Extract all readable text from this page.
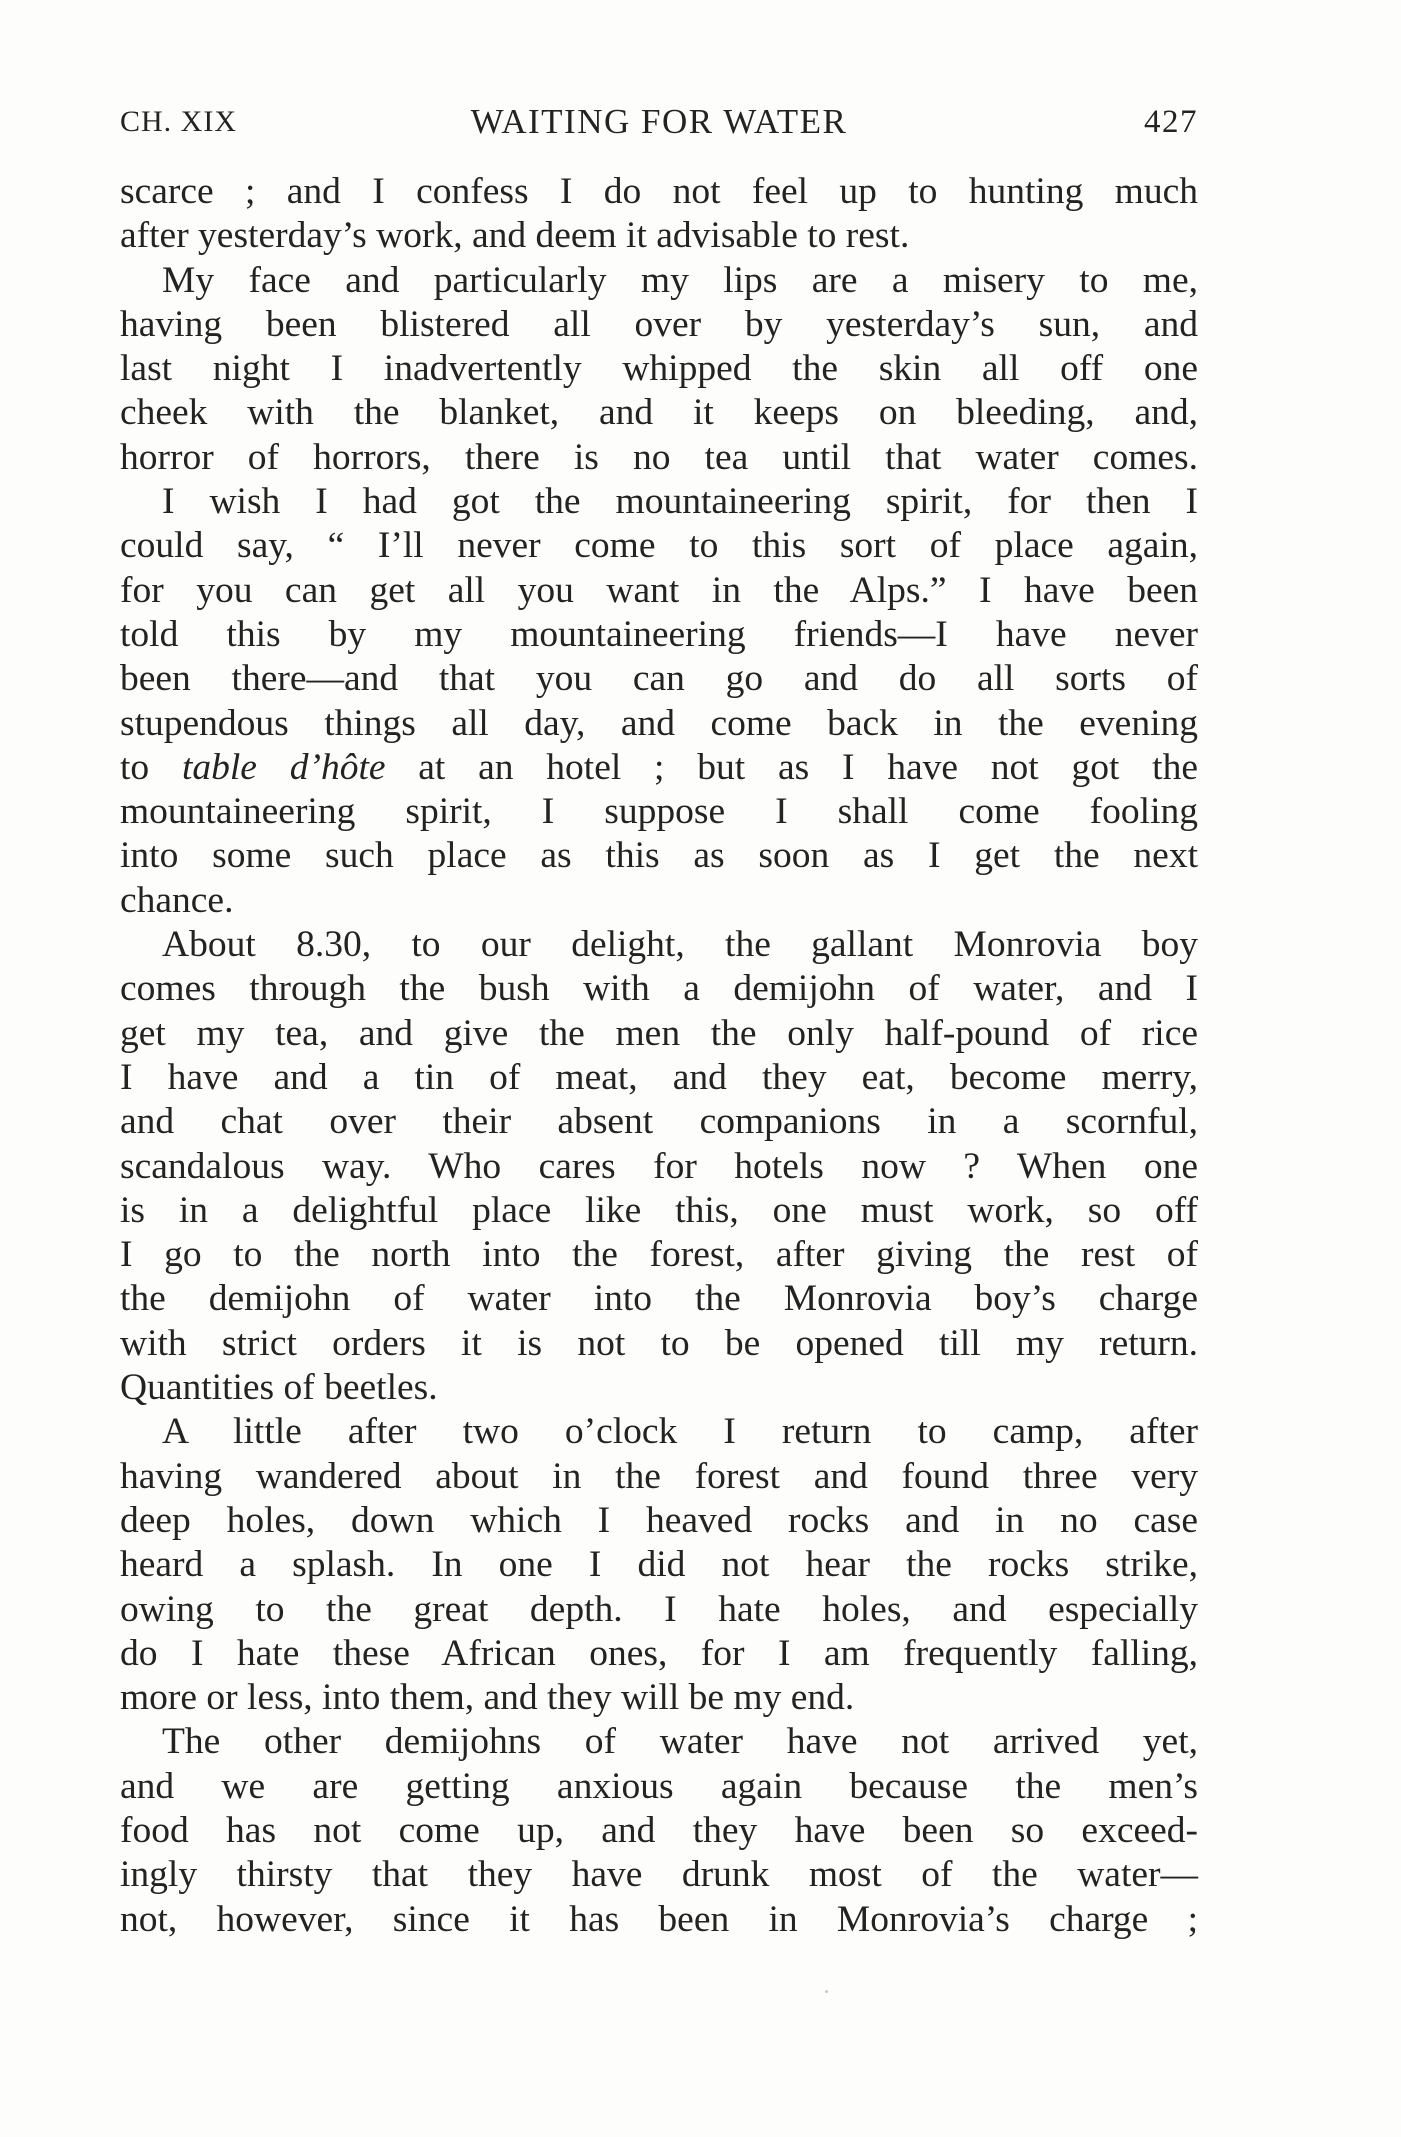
CH. XIX	WAITING FOR WATER	427
scarce ; and I confess I do not feel up to hunting much
after yesterday’s work, and deem it advisable to rest.
My face and particularly my lips are a misery to me,
having been blistered all over by yesterday’s sun, and
last night I inadvertently whipped the skin all off one
cheek with the blanket, and it keeps on bleeding, and,
horror of horrors, there is no tea until that water comes.
I wish I had got the mountaineering spirit, for then I
could say, “ I’ll never come to this sort of place again,
for you can get all you want in the Alps.” I have been
told this by my mountaineering friends—I have never
been there—and that you can go and do all sorts of
stupendous things all day, and come back in the evening
to table d’hôte at an hotel ; but as I have not got the
mountaineering spirit, I suppose I shall come fooling
into some such place as this as soon as I get the next
chance.
About 8.30, to our delight, the gallant Monrovia boy
comes through the bush with a demijohn of water, and I
get my tea, and give the men the only half-pound of rice
I have and a tin of meat, and they eat, become merry,
and chat over their absent companions in a scornful,
scandalous way. Who cares for hotels now ? When one
is in a delightful place like this, one must work, so off
I go to the north into the forest, after giving the rest of
the demijohn of water into the Monrovia boy’s charge
with strict orders it is not to be opened till my return.
Quantities of beetles.
A little after two o’clock I return to camp, after
having wandered about in the forest and found three very
deep holes, down which I heaved rocks and in no case
heard a splash. In one I did not hear the rocks strike,
owing to the great depth. I hate holes, and especially
do I hate these African ones, for I am frequently falling,
more or less, into them, and they will be my end.
The other demijohns of water have not arrived yet,
and we are getting anxious again because the men’s
food has not come up, and they have been so exceed-
ingly thirsty that they have drunk most of the water—
not, however, since it has been in Monrovia’s charge ;
